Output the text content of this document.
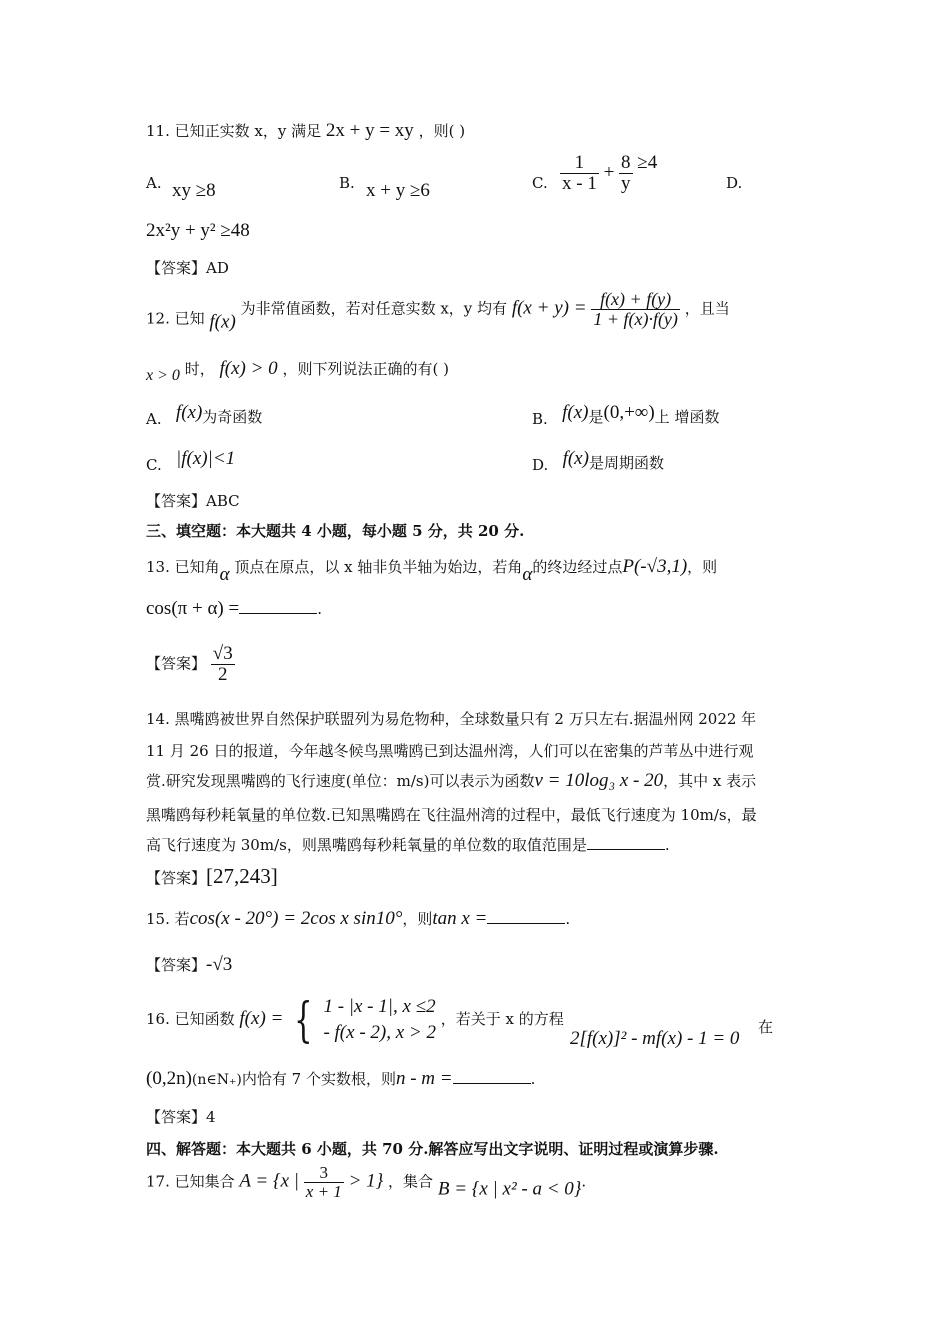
11. 已知正实数 x，y 满足 2x + y = xy ，则( )
A. xy ≥8	B. x + y ≥6	C. $\frac{1}{x - 1} + \frac{8}{y} \ge 4$
D.
2x²y + y² ≥48
【答案】AD
12. 已知 f(x) 为非常值函数，若对任意实数 x，y 均有 $f(x + y) = \frac{f(x) + f(y)}{1 + f(x)\cdot f(y)}$ ，且当
x > 0 时， f(x) > 0 ，则下列说法正确的有( )
A. f(x)为奇函数	B. f(x)是(0,+∞)上 增函数
C. |f(x)|<1	D. f(x)是周期函数
【答案】ABC
三、填空题：本大题共 4 小题，每小题 5 分，共 20 分.
13. 已知角α 顶点在原点，以 x 轴非负半轴为始边，若角α的终边经过点P(-√3,1)，则
cos(π + α) =	.
【答案】 $\frac{√3}{2}$
14. 黑嘴鸥被世界自然保护联盟列为易危物种，全球数量只有 2 万只左右.据温州网 2022 年
11 月 26 日的报道，今年越冬候鸟黑嘴鸥已到达温州湾，人们可以在密集的芦苇丛中进行观
赏.研究发现黑嘴鸥的飞行速度(单位：m/s)可以表示为函数v = 10log₃ x - 20，其中 x 表示
黑嘴鸥每秒耗氧量的单位数.已知黑嘴鸥在飞往温州湾的过程中，最低飞行速度为 10m/s，最
高飞行速度为 30m/s，则黑嘴鸥每秒耗氧量的单位数的取值范围是	.
【答案】[27,243]
15. 若cos(x - 20°) = 2cos x sin10°，则tan x =	.
【答案】-√3
16. 已知函数 f(x) = { 1 - |x - 1|, x ≤2
- f(x - 2), x > 2
，若关于 x 的方程
2[f(x)]² - mf(x) - 1 = 0
在
(0,2n)(n∈N₊)内恰有 7 个实数根，则n - m =	.
【答案】4
四、解答题：本大题共 6 小题，共 70 分.解答应写出文字说明、证明过程或演算步骤.
17. 已知集合 A = {x | $\frac{3}{x + 1} > 1$} ，集合 B = {x | x² - a < 0}.
